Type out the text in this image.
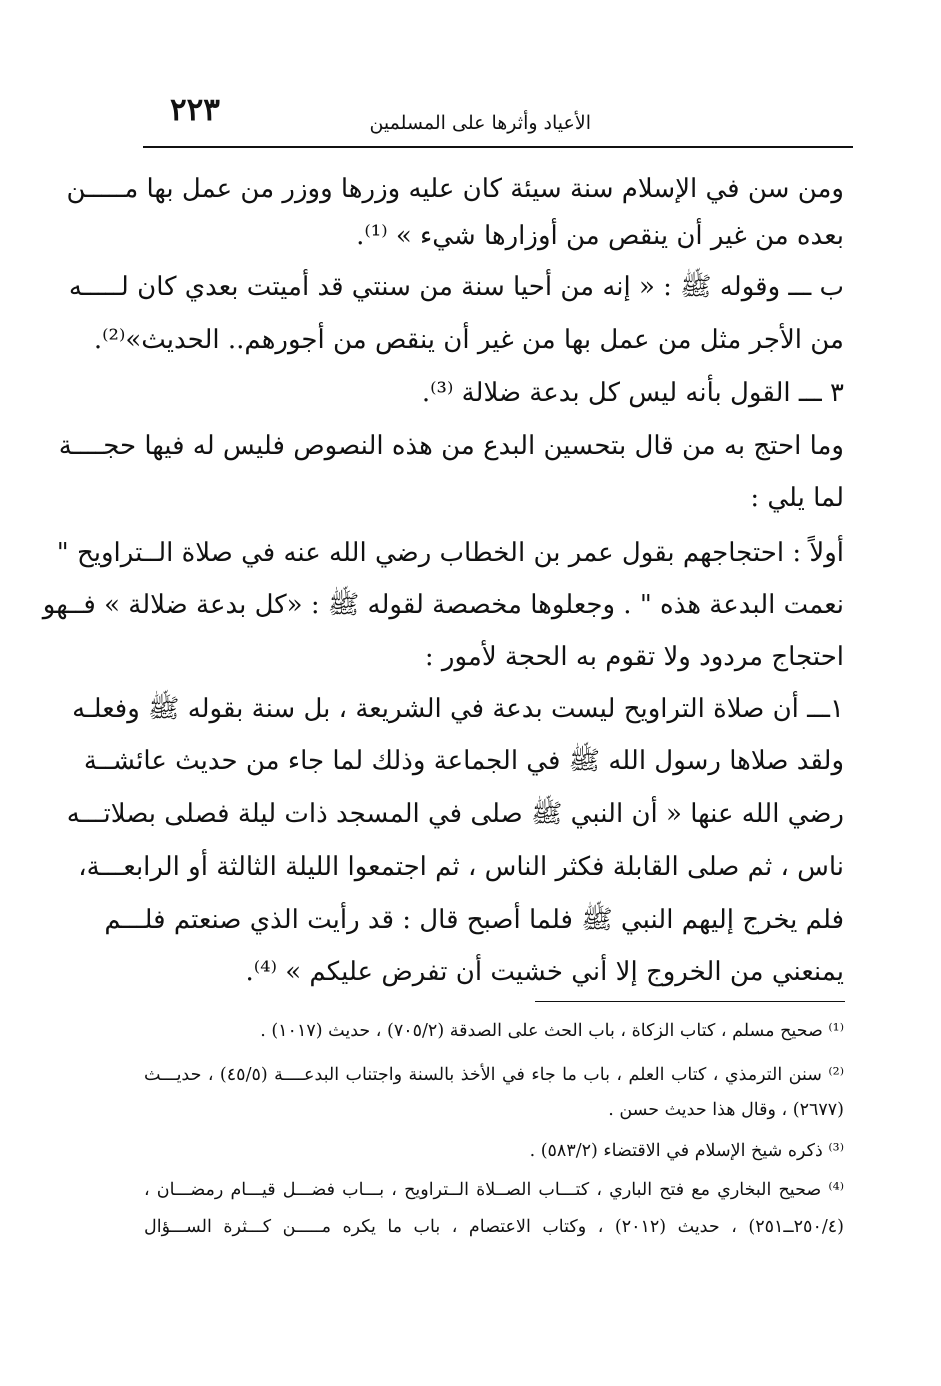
٢٢٣	الأعياد وأثرها على المسلمين
ومن سن في الإسلام سنة سيئة كان عليه وزرها ووزر من عمل بها مـــــن
بعده من غير أن ينقص من أوزارها شيء » ⁽¹⁾.
ب ـــ وقوله ﷺ : « إنه من أحيا سنة من سنتي قد أميتت بعدي كان لـــــه
من الأجر مثل من عمل بها من غير أن ينقص من أجورهم.. الحديث»⁽²⁾.
٣ ـــ القول بأنه ليس كل بدعة ضلالة ⁽³⁾.
وما احتج به من قال بتحسين البدع من هذه النصوص فليس له فيها حجــــة
لما يلي :
أولاً : احتجاجهم بقول عمر بن الخطاب رضي الله عنه في صلاة الــتراويح "
نعمت البدعة هذه " . وجعلوها مخصصة لقوله ﷺ : «كل بدعة ضلالة » فــهو
احتجاج مردود ولا تقوم به الحجة لأمور :
١ـــ أن صلاة التراويح ليست بدعة في الشريعة ، بل سنة بقوله ﷺ وفعلـه
ولقد صلاها رسول الله ﷺ في الجماعة وذلك لما جاء من حديث عائشــة
رضي الله عنها « أن النبي ﷺ صلى في المسجد ذات ليلة فصلى بصلاتـــه
ناس ، ثم صلى القابلة فكثر الناس ، ثم اجتمعوا الليلة الثالثة أو الرابعـــة،
فلم يخرج إليهم النبي ﷺ فلما أصبح قال : قد رأيت الذي صنعتم فلـــم
يمنعني من الخروج إلا أني خشيت أن تفرض عليكم » ⁽⁴⁾.
⁽¹⁾ صحيح مسلم ، كتاب الزكاة ، باب الحث على الصدقة (٧٠٥/٢) ، حديث (١٠١٧) .
⁽²⁾ سنن الترمذي ، كتاب العلم ، باب ما جاء في الأخذ بالسنة واجتناب البدعــــة (٤٥/٥) ، حديـــث
(٢٦٧٧) ، وقال هذا حديث حسن .
⁽³⁾ ذكره شيخ الإسلام في الاقتضاء (٥٨٣/٢) .
⁽⁴⁾ صحيح البخاري مع فتح الباري ، كتـــاب الصــلاة الــتراويح ، بـــاب فضـــل قيـــام رمضـــان ،
(٢٥٠/٤ــ٢٥١) ، حديث (٢٠١٢) ، وكتاب الاعتصام ، باب ما يكره مـــــن كـــثرة الســـؤال
